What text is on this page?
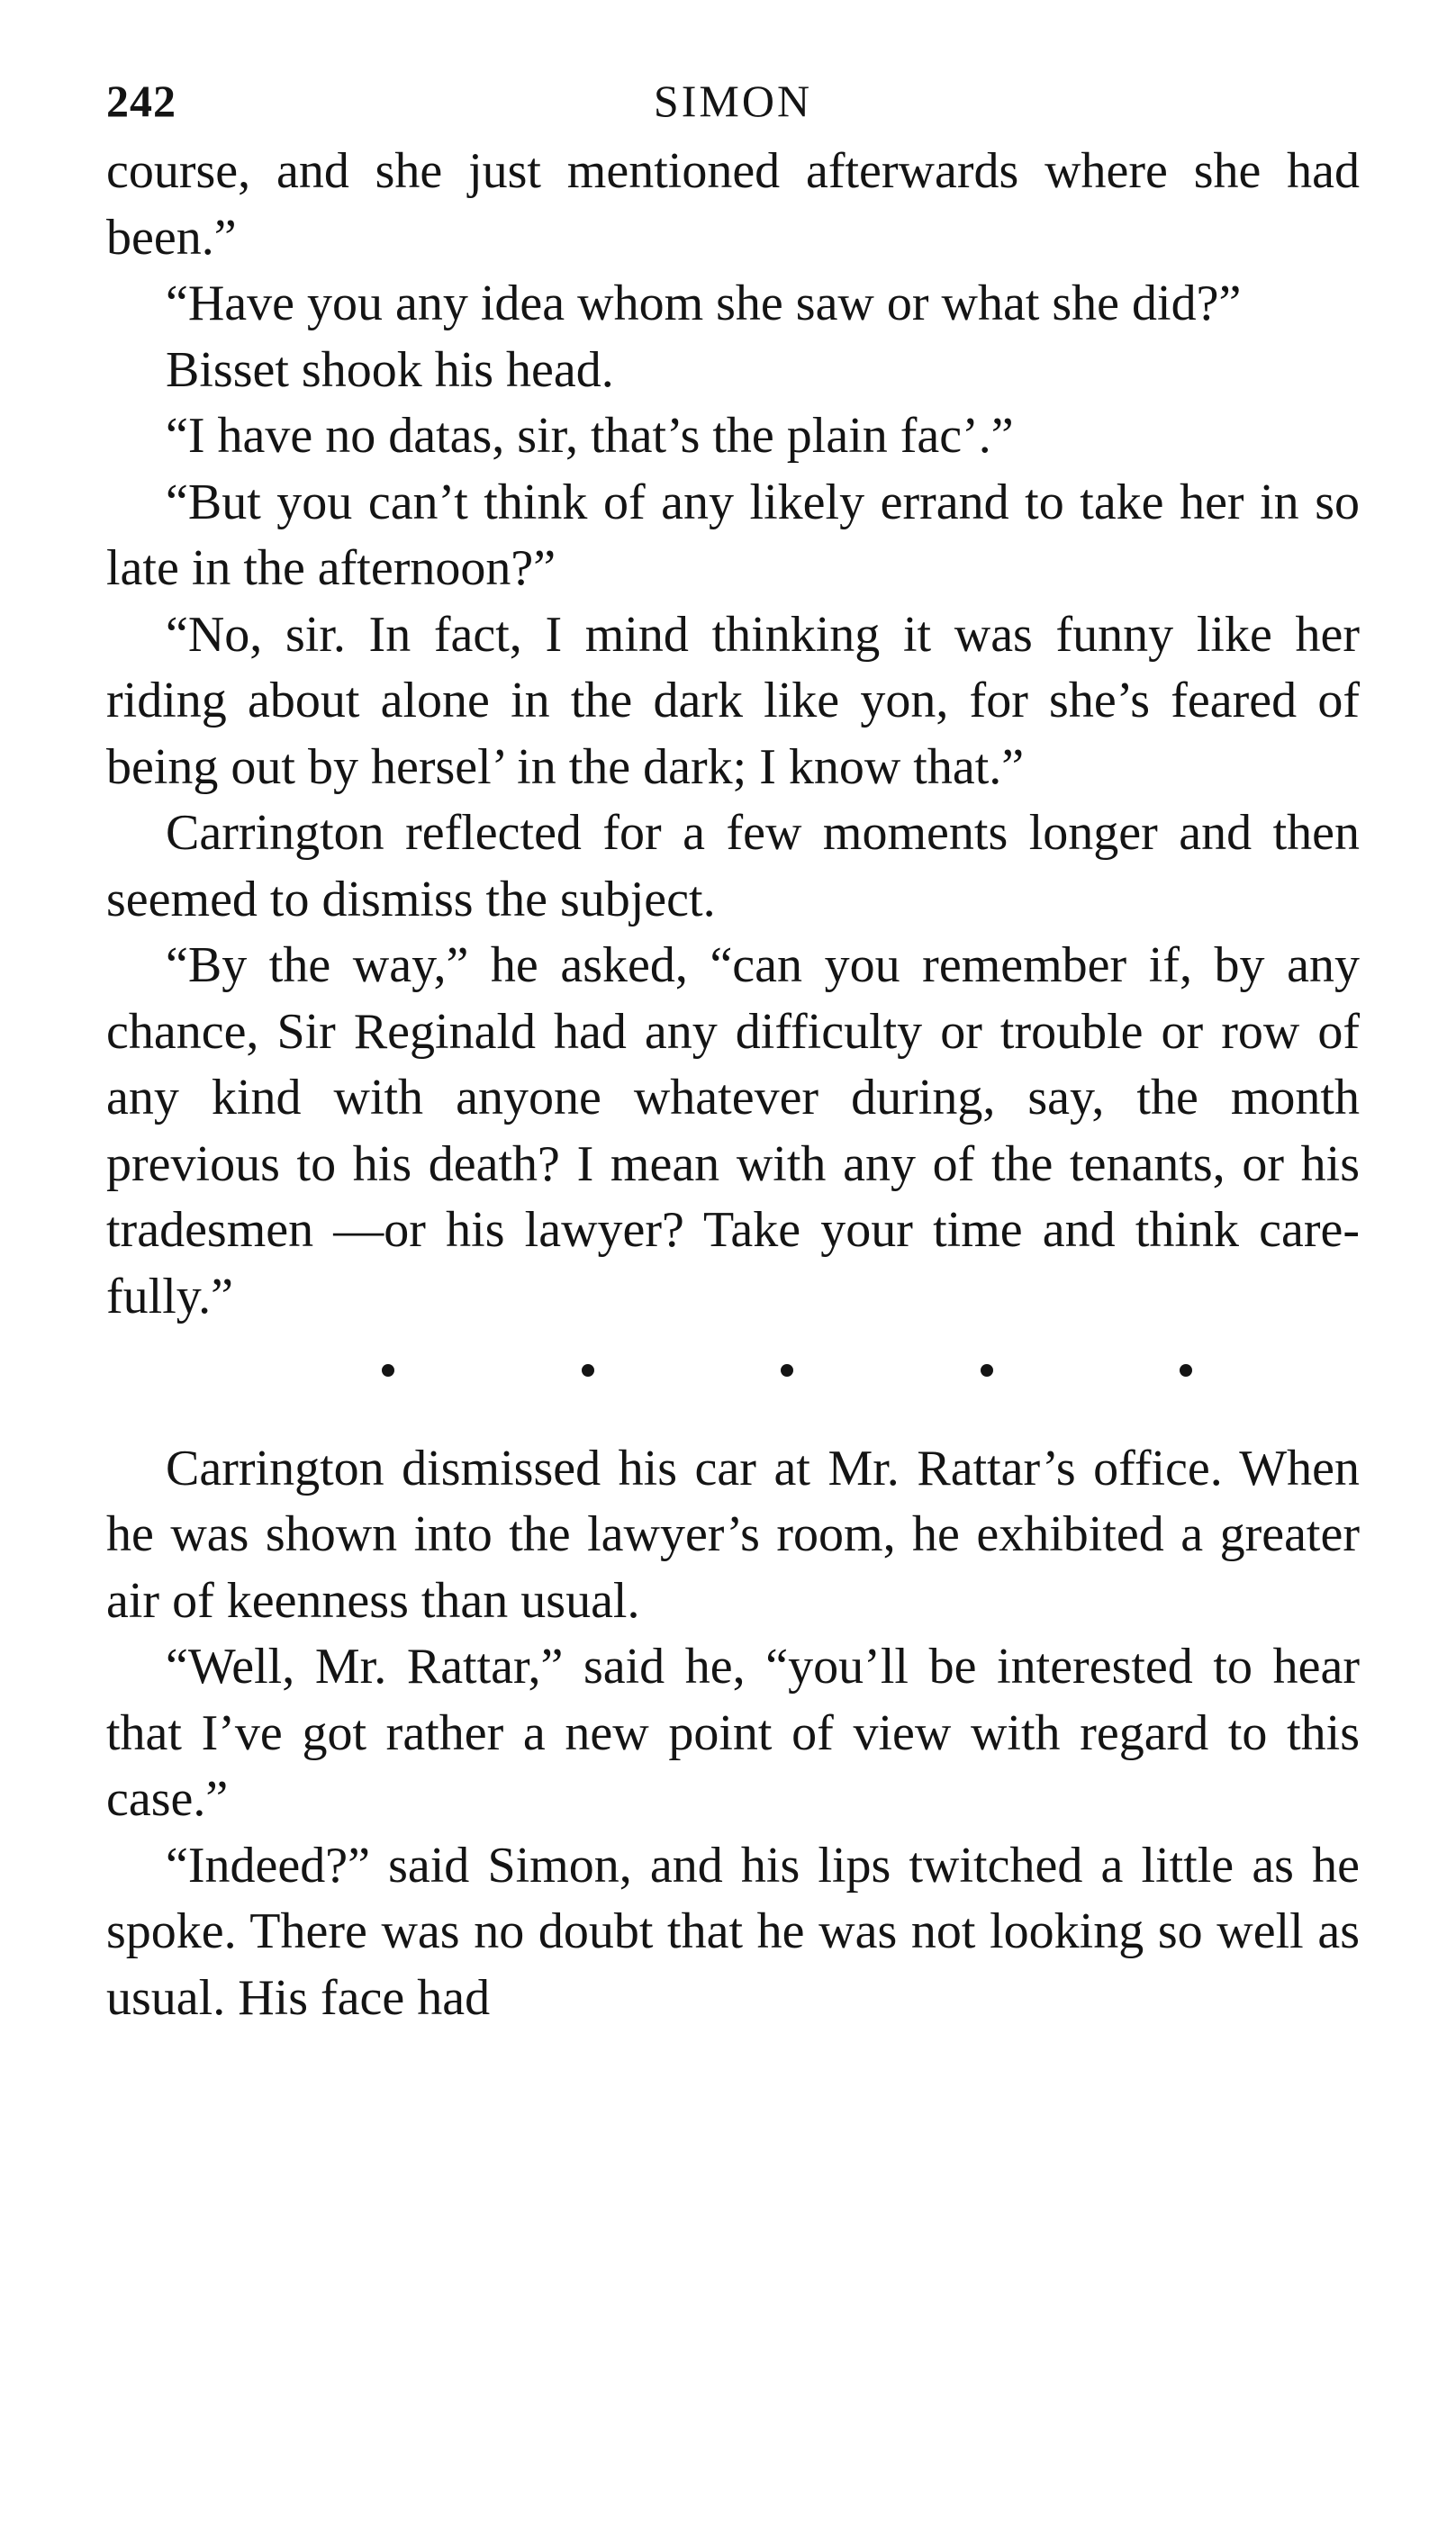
242	SIMON

course, and she just mentioned afterwards where she had been.”

“Have you any idea whom she saw or what she did?”

Bisset shook his head.

“I have no datas, sir, that’s the plain fac’.”

“But you can’t think of any likely errand to take her in so late in the afternoon?”

“No, sir. In fact, I mind thinking it was funny like her riding about alone in the dark like yon, for she’s feared of being out by hersel’ in the dark; I know that.”

Carrington reflected for a few moments longer and then seemed to dismiss the subject.

“By the way,” he asked, “can you remember if, by any chance, Sir Reginald had any difficulty or trouble or row of any kind with anyone whatever during, say, the month previous to his death? I mean with any of the tenants, or his tradesmen —or his lawyer? Take your time and think carefully.”

Carrington dismissed his car at Mr. Rattar’s office. When he was shown into the lawyer’s room, he exhibited a greater air of keenness than usual.

“Well, Mr. Rattar,” said he, “you’ll be interested to hear that I’ve got rather a new point of view with regard to this case.”

“Indeed?” said Simon, and his lips twitched a little as he spoke. There was no doubt that he was not looking so well as usual. His face had
